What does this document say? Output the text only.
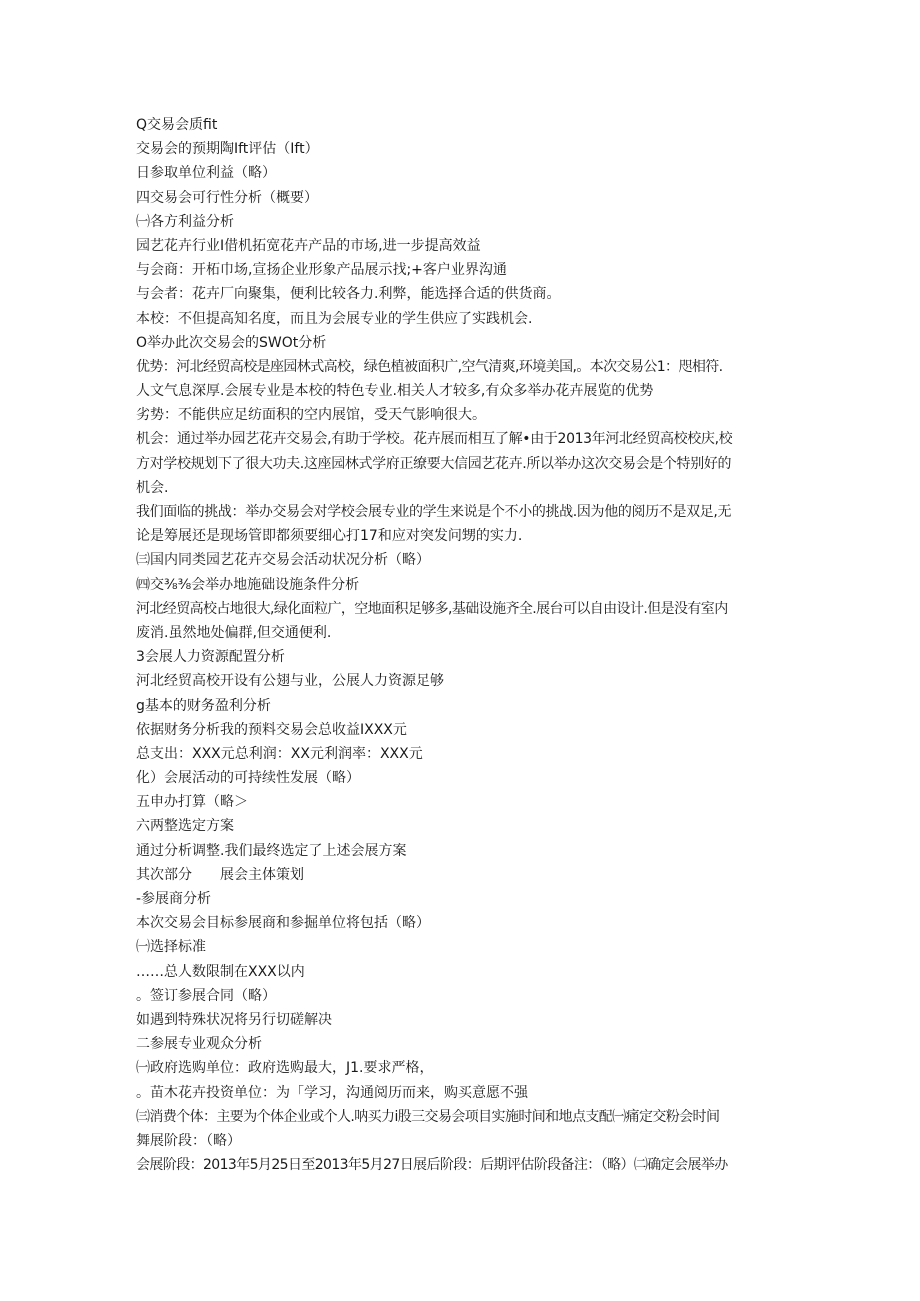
Q交易会质fit
交易会的预期陶Ift评估（Ift）
日参取单位利益（略）
四交易会可行性分析（概要）
㈠各方利益分析
园艺花卉行业I借机拓宽花卉产品的市场,进一步提高效益
与会商：开柘巾场,宣扬企业形象产品展示找;+客户业界沟通
与会者：花卉厂向聚集，便利比较各力.利弊，能选择合适的供货商。
本校：不但提高知名度，而且为会展专业的学生供应了实践机会.
O举办此次交易会的SWOt分析
优势：河北经贸高校是座园林式高校，绿色植被面积广,空气清爽,环境美国,。本次交易公1：咫相符.
人文气息深厚.会展专业是本校的特色专业.相关人才较多,有众多举办花卉展览的优势
劣势：不能供应足纺面积的空内展馆，受天气影响很大。
机会：通过举办园艺花卉交易会,有助于学校。花卉展而相互了解•由于2013年河北经贸高校校庆,校
方对学校规划下了很大功夫.这座园林式学府正缭要大信园艺花卉.所以举办这次交易会是个特别好的
机会.
我们面临的挑战：举办交易会对学校会展专业的学生来说是个不小的挑战.因为他的阅历不是双足,无
论是筹展还是现场管即都须要细心打17和应对突发问甥的实力.
㈢国内同类园艺花卉交易会活动状况分析（略）
㈣交⅜⅜会举办地施础设施条件分析
河北经贸高校占地很大,绿化面粒广，空地面积足够多,基础设施齐全.展台可以自由设计.但是没有室内
废消.虽然地处偏群,但交通便利.
3会展人力资源配置分析
河北经贸高校开设有公翅与业，公展人力资源足够
g基本的财务盈利分析
依据财务分析我的预料交易会总收益IXXX元
总支出：XXX元总利润：XX元利润率：XXX元
化）会展活动的可持续性发展（略）
五申办打算（略＞
六两整选定方案
通过分析调整.我们最终选定了上述会展方案
其次部分　　展会主体策划
-参展商分析
本次交易会目标参展商和参掘单位将包括（略）
㈠选择标准
……总人数限制在XXX以内
。签订参展合同（略）
如遇到特殊状况将另行切磋解决
二参展专业观众分析
㈠政府选购单位：政府选购最大，J1.要求严格，
。苗木花卉投资单位：为「学习，沟通阅历而来，购买意愿不强
㈢消费个体：主要为个体企业或个人.呐买力i股三交易会项目实施时间和地点支配㈠痛定交粉会时间
舞展阶段：（略）
会展阶段：2013年5月25日至2013年5月27日展后阶段：后期评估阶段备注：（略）㈡确定会展举办
